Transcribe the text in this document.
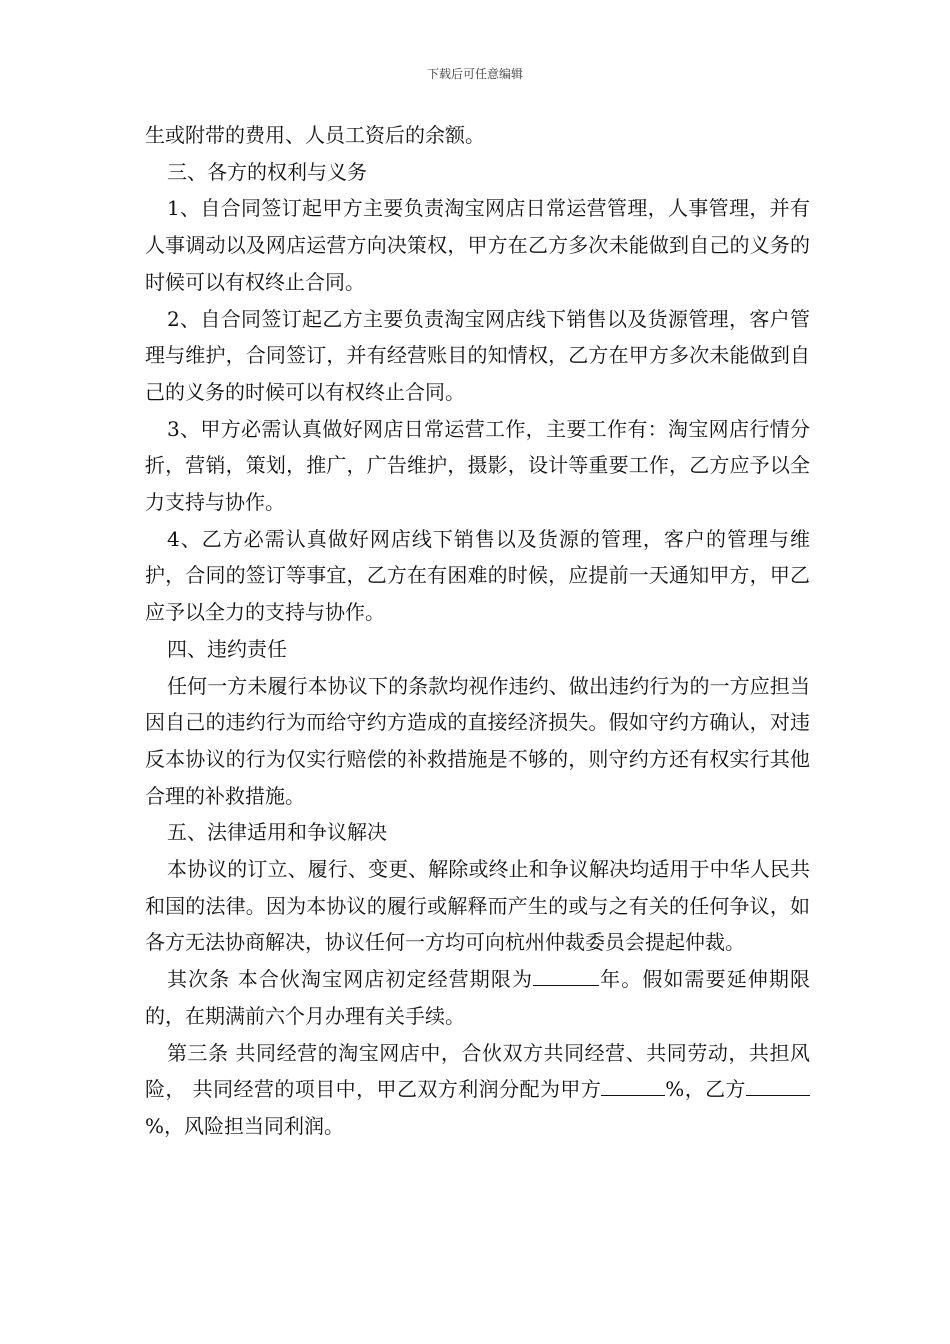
下载后可任意编辑

生或附带的费用、人员工资后的余额。

三、各方的权利与义务

1、自合同签订起甲方主要负责淘宝网店日常运营管理，人事管理，并有人事调动以及网店运营方向决策权，甲方在乙方多次未能做到自己的义务的时候可以有权终止合同。

2、自合同签订起乙方主要负责淘宝网店线下销售以及货源管理，客户管理与维护，合同签订，并有经营账目的知情权，乙方在甲方多次未能做到自己的义务的时候可以有权终止合同。

3、甲方必需认真做好网店日常运营工作，主要工作有：淘宝网店行情分折，营销，策划，推广，广告维护，摄影，设计等重要工作，乙方应予以全力支持与协作。

4、乙方必需认真做好网店线下销售以及货源的管理，客户的管理与维护，合同的签订等事宜，乙方在有困难的时候，应提前一天通知甲方，甲乙应予以全力的支持与协作。

四、违约责任

任何一方未履行本协议下的条款均视作违约、做出违约行为的一方应担当因自己的违约行为而给守约方造成的直接经济损失。假如守约方确认，对违反本协议的行为仅实行赔偿的补救措施是不够的，则守约方还有权实行其他合理的补救措施。

五、法律适用和争议解决

本协议的订立、履行、变更、解除或终止和争议解决均适用于中华人民共和国的法律。因为本协议的履行或解释而产生的或与之有关的任何争议，如各方无法协商解决，协议任何一方均可向杭州仲裁委员会提起仲裁。

其次条 本合伙淘宝网店初定经营期限为	年。假如需要延伸期限的，在期满前六个月办理有关手续。

第三条 共同经营的淘宝网店中，合伙双方共同经营、共同劳动，共担风险， 共同经营的项目中，甲乙双方利润分配为甲方	%，乙方%，风险担当同利润。
